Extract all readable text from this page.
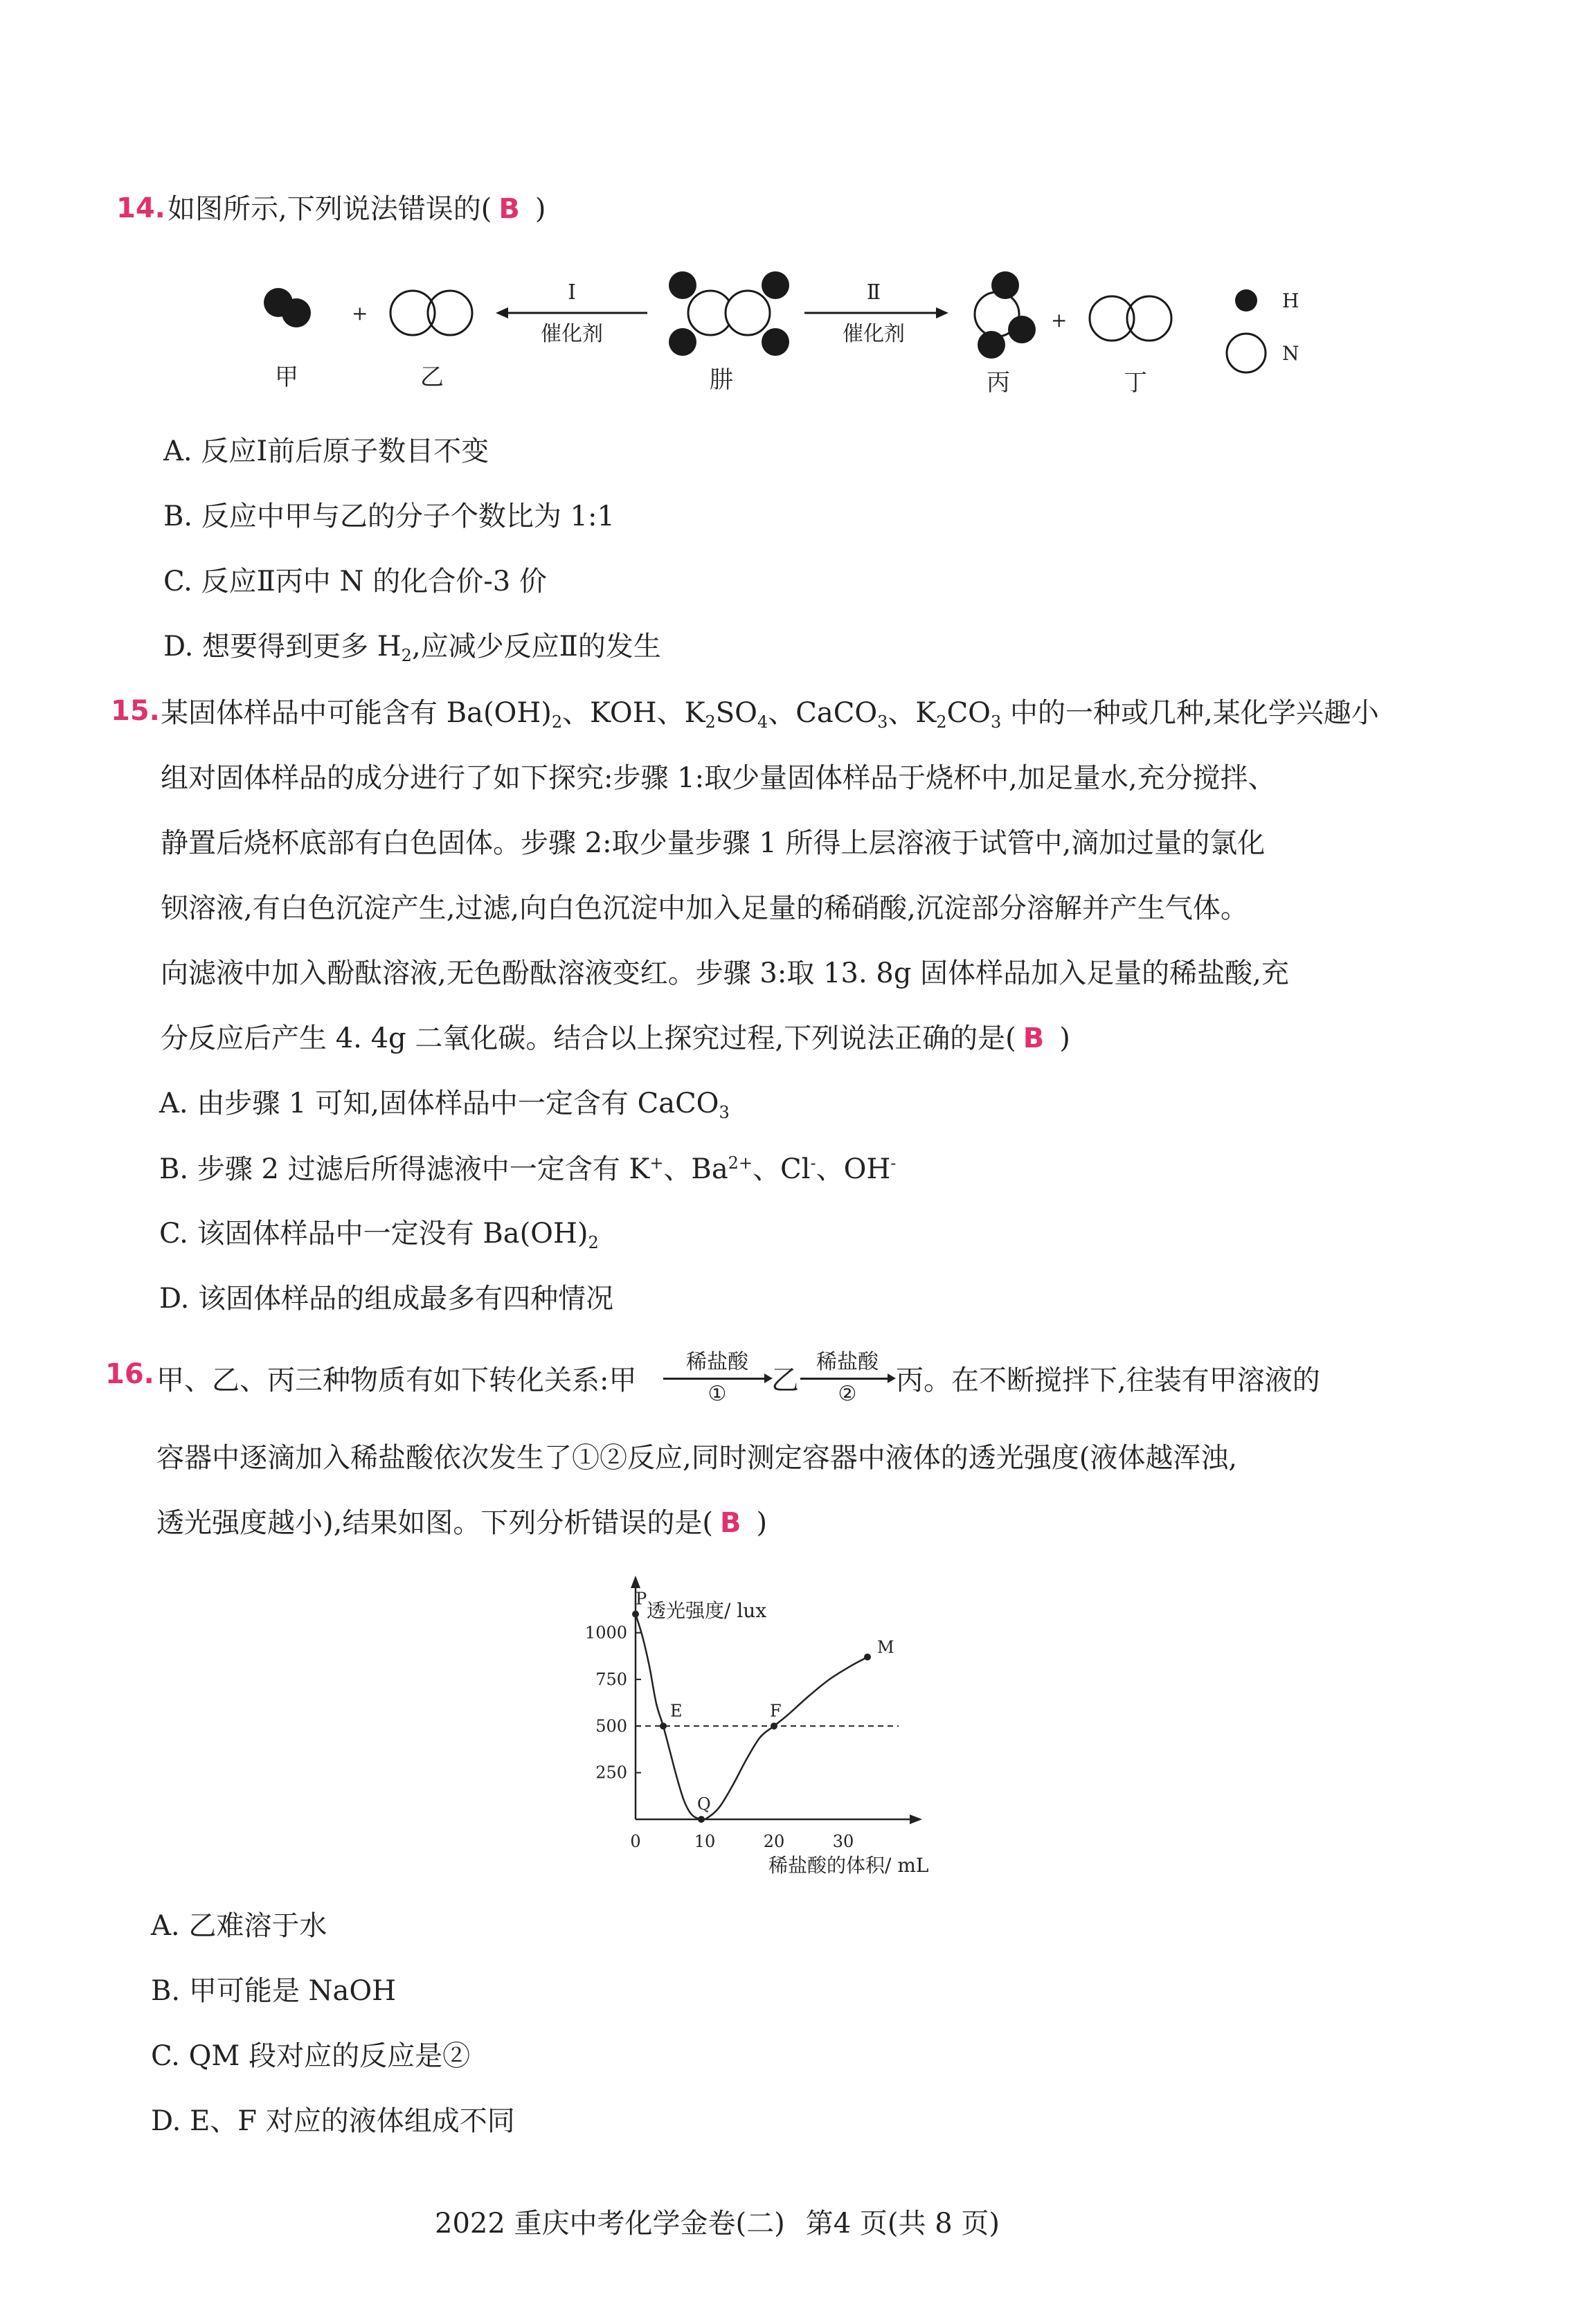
14. 如图所示,下列说法错误的( B )
+
Ⅰ
催化剂
Ⅱ
催化剂
+
H
N
甲	乙	肼	丙	丁
A. 反应Ⅰ前后原子数目不变
B. 反应中甲与乙的分子个数比为 1:1
C. 反应Ⅱ丙中 N 的化合价-3 价
D. 想要得到更多 $H_2$,应减少反应Ⅱ的发生
15. 某固体样品中可能含有 $Ba(OH)_2$、KOH、$K_2SO_4$、CaCO$_3$、$K_2CO_3$ 中的一种或几种,某化学兴趣小
组对固体样品的成分进行了如下探究:步骤 1:取少量固体样品于烧杯中,加足量水,充分搅拌、
静置后烧杯底部有白色固体。步骤 2:取少量步骤 1 所得上层溶液于试管中,滴加过量的氯化
钡溶液,有白色沉淀产生,过滤,向白色沉淀中加入足量的稀硝酸,沉淀部分溶解并产生气体。
向滤液中加入酚酞溶液,无色酚酞溶液变红。步骤 3:取 13. 8g 固体样品加入足量的稀盐酸,充
分反应后产生 4. 4g 二氧化碳。结合以上探究过程,下列说法正确的是( B )
A. 由步骤 1 可知,固体样品中一定含有 CaCO$_3$
B. 步骤 2 过滤后所得滤液中一定含有 K+、$Ba^{2+}$、Cl-、OH-
C. 该固体样品中一定没有 $Ba(OH)_2$
D. 该固体样品的组成最多有四种情况
16. 甲、乙、丙三种物质有如下转化关系:甲
稀盐酸
①	乙
稀盐酸
②	丙。在不断搅拌下,往装有甲溶液的
容器中逐滴加入稀盐酸依次发生了①②反应,同时测定容器中液体的透光强度(液体越浑浊,
透光强度越小),结果如图。下列分析错误的是( B )
250
500
750
1000
0	10	20	30
P
E
Q
F
M
透光强度/ lux
稀盐酸的体积/ mL
A. 乙难溶于水
B. 甲可能是 NaOH
C. QM 段对应的反应是②
D. E、F 对应的液体组成不同
2022 重庆中考化学金卷(二) 第4 页(共 8 页)
